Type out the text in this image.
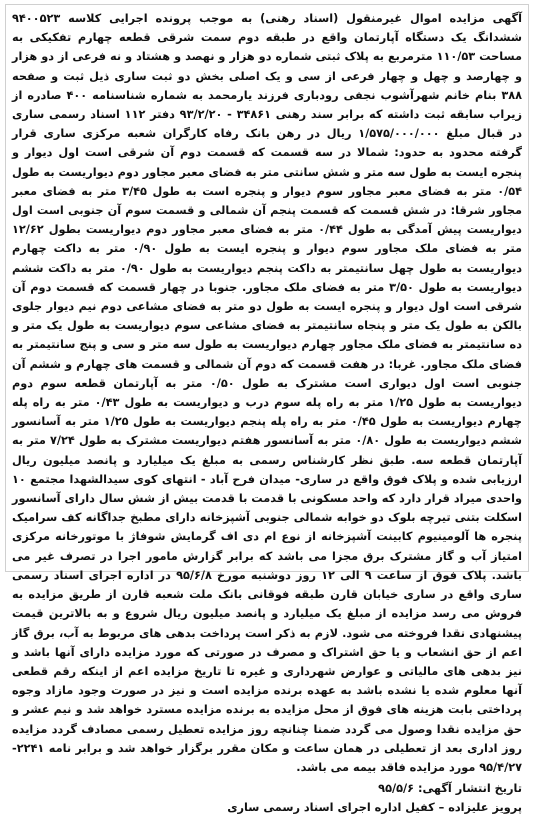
آگهی مزایده اموال غیرمنقول (اسناد رهنی) به موجب پرونده اجرایی کلاسه ۹۴۰۰۵۲۳ ششدانگ یک دستگاه آپارتمان واقع در طبقه دوم سمت شرقی قطعه چهارم تفکیکی به مساحت ۱۱۰/۵۳ مترمربع به پلاک ثبتی شماره دو هزار و نهصد و هشتاد و نه فرعی از دو هزار و چهارصد و چهل و چهار فرعی از سی و یک اصلی بخش دو ثبت ساری ذیل ثبت و صفحه ۳۸۸ بنام خانم شهرآشوب نجفی رودباری فرزند یارمحمد به شماره شناسنامه ۴۰۰ صادره از زیراب سابقه ثبت داشته که برابر سند رهنی ۳۴۸۶۱ - ۹۳/۲/۲۰ دفتر ۱۱۲ اسناد رسمی ساری در قبال مبلغ ۱/۵۷۵/۰۰۰/۰۰۰ ریال در رهن بانک رفاه کارگران شعبه مرکزی ساری قرار گرفته محدود به حدود: شمالا در سه قسمت که قسمت دوم آن شرقی است اول دیوار و پنجره ایست به طول سه متر و شش سانتی متر به فضای معبر مجاور دوم دیواریست به طول ۰/۵۴ متر به فضای معبر مجاور سوم دیوار و پنجره است به طول ۳/۴۵ متر به فضای معبر مجاور شرقا: در شش قسمت که قسمت پنجم آن شمالی و قسمت سوم آن جنوبی است اول دیواریست پیش آمدگی به طول ۰/۴۴ متر به فضای معبر مجاور دوم دیواریست بطول ۱۲/۶۲ متر به فضای ملک مجاور سوم دیوار و پنجره ایست به طول ۰/۹۰ متر به داکت چهارم دیواریست به طول چهل سانتیمتر به داکت پنجم دیواریست به طول ۰/۹۰ متر به داکت ششم دیواریست به طول ۳/۵۰ متر به فضای ملک مجاور. جنوبا در چهار قسمت که قسمت دوم آن شرقی است اول دیوار و پنجره ایست به طول دو متر به فضای مشاعی دوم نیم دیوار جلوی بالکن به طول یک متر و پنجاه سانتیمتر به فضای مشاعی سوم دیواریست به طول یک متر و ده سانتیمتر به فضای ملک مجاور چهارم دیواریست به طول سه متر و سی و پنج سانتیمتر به فضای ملک مجاور. غربا: در هفت قسمت که دوم آن شمالی و قسمت های چهارم و ششم آن جنوبی است اول دیواری است مشترک به طول ۰/۵۰ متر به آپارتمان قطعه سوم دوم دیواریست به طول ۱/۲۵ متر به راه پله سوم درب و دیواریست به طول ۰/۴۳ متر به راه پله چهارم دیواریست به طول ۰/۴۵ متر به راه پله پنجم دیواریست به طول ۱/۲۵ متر به آسانسور ششم دیواریست به طول ۰/۸۰ متر به آسانسور هفتم دیواریست مشترک به طول ۷/۲۴ متر به آپارتمان قطعه سه. طبق نظر کارشناس رسمی به مبلغ یک میلیارد و پانصد میلیون ریال ارزیابی شده و پلاک فوق واقع در ساری- میدان فرح آباد - انتهای کوی سیدالشهدا مجتمع ۱۰ واحدی میراد قرار دارد که واحد مسکونی با قدمت با قدمت بیش از شش سال دارای آسانسور اسکلت بتنی تیرچه بلوک دو خوابه شمالی جنوبی آشپزخانه دارای مطبخ جداگانه کف سرامیک پنجره ها آلومینیوم کابینت آشپزخانه از نوع ام دی اف گرمایش شوفاژ با موتورخانه مرکزی امتیاز آب و گاز مشترک برق مجزا می باشد که برابر گزارش مامور اجرا در تصرف غیر می باشد. پلاک فوق از ساعت ۹ الی ۱۲ روز دوشنبه مورخ ۹۵/۶/۸ در اداره اجرای اسناد رسمی ساری واقع در ساری خیابان قارن طبقه فوقانی بانک ملت شعبه قارن از طریق مزایده به فروش می رسد مزایده از مبلغ یک میلیارد و پانصد میلیون ریال شروع و به بالاترین قیمت پیشنهادی نقدا فروخته می شود. لازم به ذکر است پرداخت بدهی های مربوط به آب، برق گاز اعم از حق انشعاب و یا حق اشتراک و مصرف در صورتی که مورد مزایده دارای آنها باشد و نیز بدهی های مالیاتی و عوارض شهرداری و غیره تا تاریخ مزایده اعم از اینکه رقم قطعی آنها معلوم شده یا نشده باشد به عهده برنده مزایده است و نیز در صورت وجود مازاد وجوه پرداختی بابت هزینه های فوق از محل مزایده به برنده مزایده مسترد خواهد شد و نیم عشر و حق مزایده نقدا وصول می گردد ضمنا چنانچه روز مزایده تعطیل رسمی مصادف گردد مزایده روز اداری بعد از تعطیلی در همان ساعت و مکان مقرر برگزار خواهد شد و برابر نامه ۲۲۴۱- ۹۵/۴/۲۷ مورد مزایده فاقد بیمه می باشد.

تاریخ انتشار آگهی: ۹۵/۵/۶
پرویز علیزاده – کفیل اداره اجرای اسناد رسمی ساری
